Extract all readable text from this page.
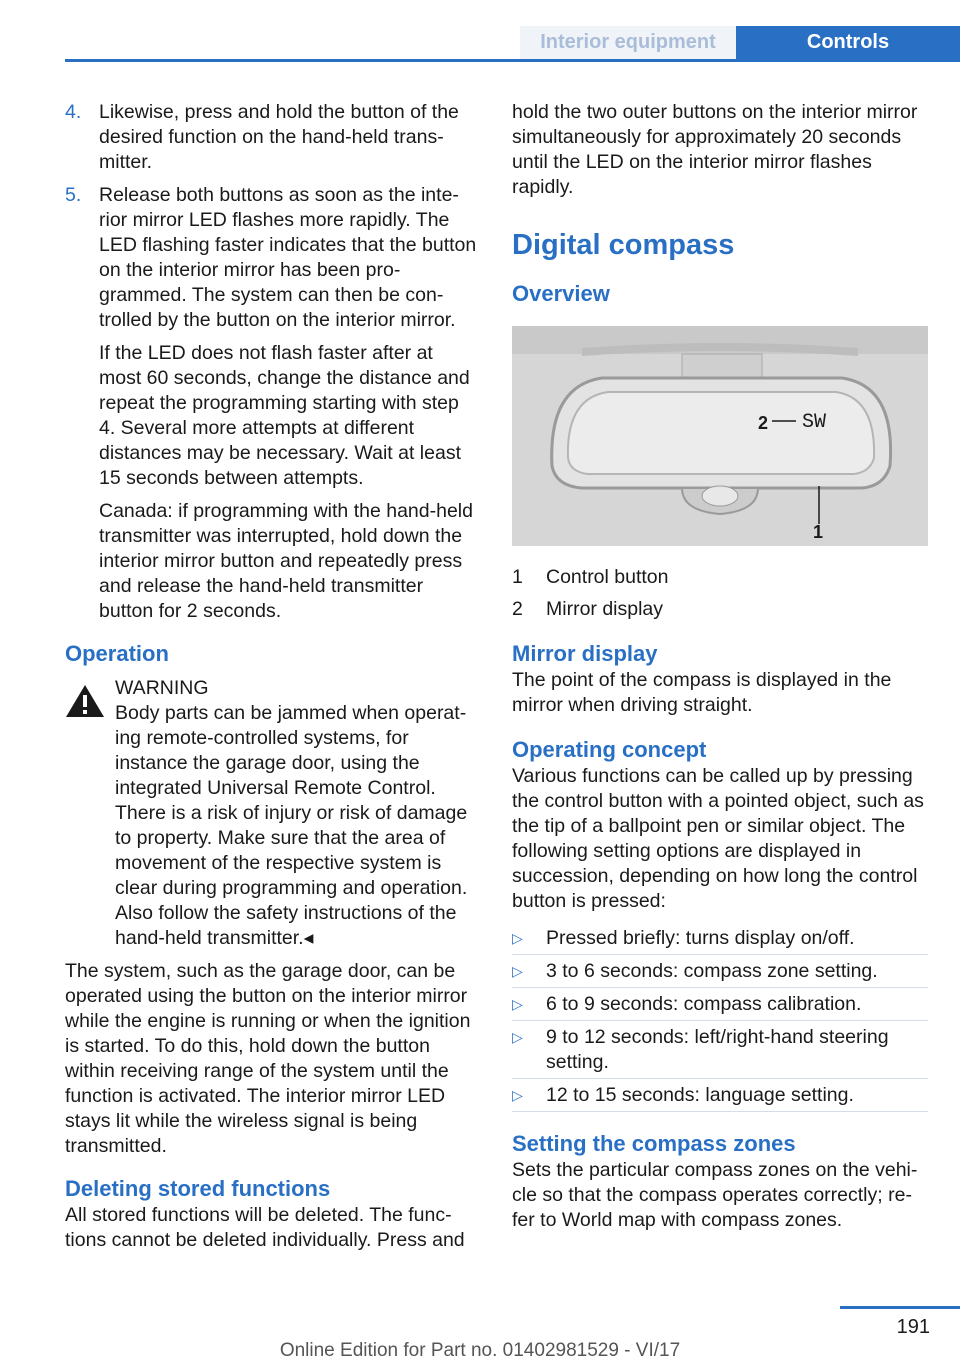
Interior equipment	Controls
4. Likewise, press and hold the button of the desired function on the hand-held transmitter.
5. Release both buttons as soon as the interior mirror LED flashes more rapidly. The LED flashing faster indicates that the button on the interior mirror has been programmed. The system can then be controlled by the button on the interior mirror.

If the LED does not flash faster after at most 60 seconds, change the distance and repeat the programming starting with step 4. Several more attempts at different distances may be necessary. Wait at least 15 seconds between attempts.

Canada: if programming with the hand-held transmitter was interrupted, hold down the interior mirror button and repeatedly press and release the hand-held transmitter button for 2 seconds.

Operation
WARNING
Body parts can be jammed when operating remote-controlled systems, for instance the garage door, using the integrated Universal Remote Control. There is a risk of injury or risk of damage to property. Make sure that the area of movement of the respective system is clear during programming and operation. Also follow the safety instructions of the hand-held transmitter.◂

The system, such as the garage door, can be operated using the button on the interior mirror while the engine is running or when the ignition is started. To do this, hold down the button within receiving range of the system until the function is activated. The interior mirror LED stays lit while the wireless signal is being transmitted.

Deleting stored functions

All stored functions will be deleted. The functions cannot be deleted individually. Press and

hold the two outer buttons on the interior mirror simultaneously for approximately 20 seconds until the LED on the interior mirror flashes rapidly.

Digital compass
Overview
1
2 SW
1	Control button
2	Mirror display
Mirror display

The point of the compass is displayed in the mirror when driving straight.

Operating concept

Various functions can be called up by pressing the control button with a pointed object, such as the tip of a ballpoint pen or similar object. The following setting options are displayed in succession, depending on how long the control button is pressed:

▷	Pressed briefly: turns display on/off.
▷	3 to 6 seconds: compass zone setting.
▷	6 to 9 seconds: compass calibration.
▷	9 to 12 seconds: left/right-hand steering setting.
▷	12 to 15 seconds: language setting.
Setting the compass zones

Sets the particular compass zones on the vehicle so that the compass operates correctly; refer to World map with compass zones.

191
Online Edition for Part no. 01402981529 - VI/17
